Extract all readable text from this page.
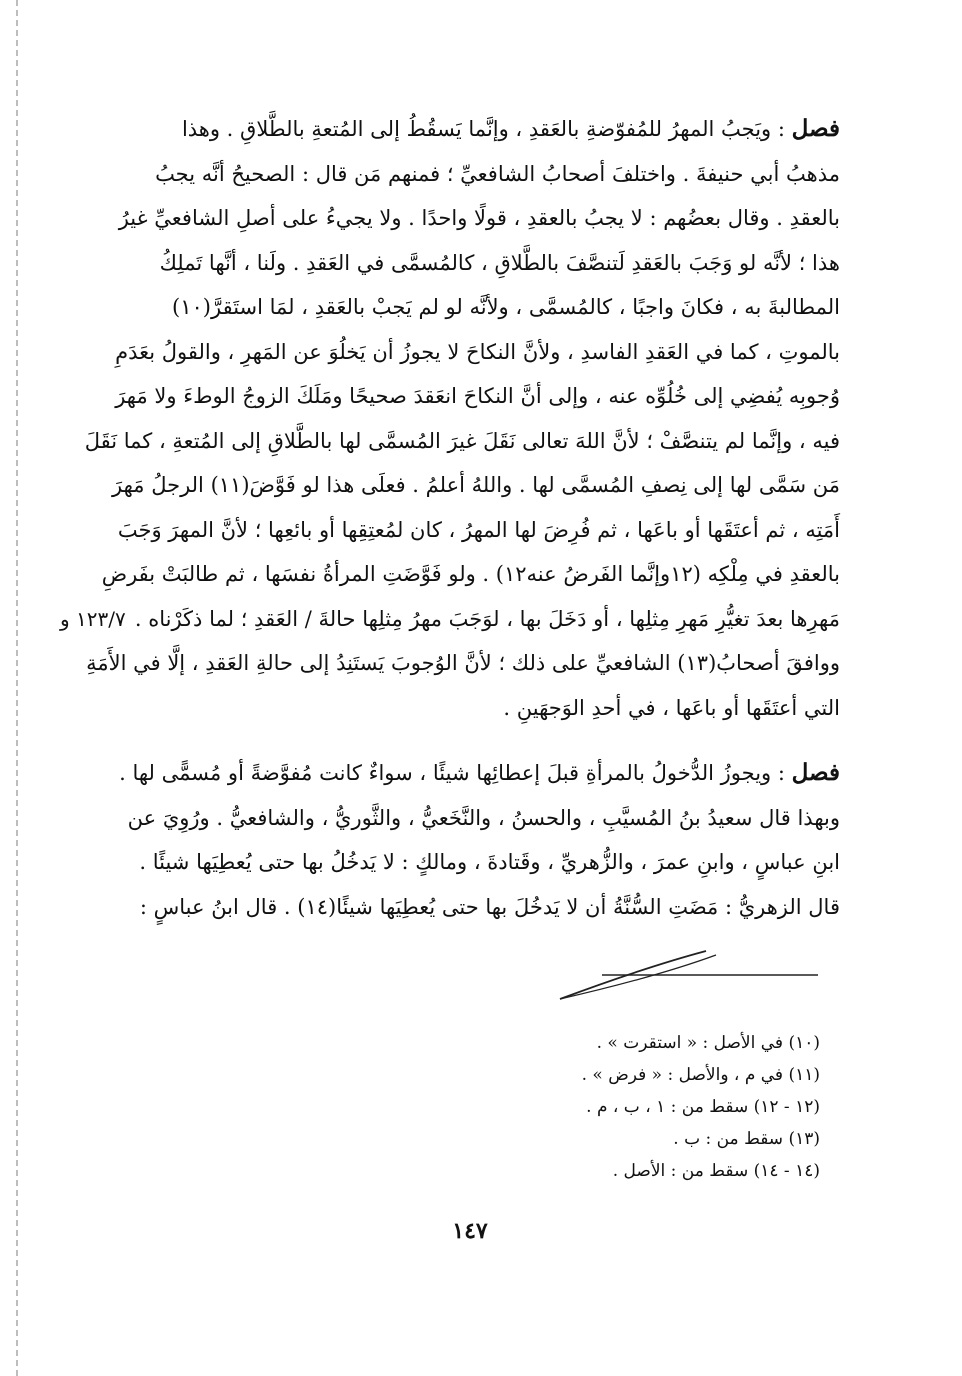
فصل : ويَجبُ المهرُ للمُفوّضةِ بالعَقدِ ، وإنَّما يَسقُطُ إلى المُتعةِ بالطَّلاقِ . وهذا
مذهبُ أبي حنيفةَ . واختلفَ أصحابُ الشافعيِّ ؛ فمنهم مَن قال : الصحيحُ أنَّه يجبُ
بالعقدِ . وقال بعضُهم : لا يجبُ بالعقدِ ، قولًا واحدًا . ولا يجيءُ على أصلِ الشافعيِّ غيرُ
هذا ؛ لأنَّه لو وَجَبَ بالعَقدِ لَتنصَّفَ بالطَّلاقِ ، كالمُسمَّى في العَقدِ . ولَنا ، أنَّها تَملِكُ
المطالبةَ به ، فكانَ واجبًا ، كالمُسمَّى ، ولأنَّه لو لم يَجبْ بالعَقدِ ، لمَا استَقرَّ(١٠)
بالموتِ ، كما في العَقدِ الفاسدِ ، ولأنَّ النكاحَ لا يجوزُ أن يَخلُوَ عن المَهرِ ، والقولُ بعَدَمِ
وُجوبِه يُفضِي إلى خُلُوِّه عنه ، وإلى أنَّ النكاحَ انعَقدَ صحيحًا ومَلَكَ الزوجُ الوطءَ ولا مَهرَ
فيه ، وإنَّما لم يتنصَّفْ ؛ لأنَّ اللهَ تعالى نَقَلَ غيرَ المُسمَّى لها بالطَّلاقِ إلى المُتعةِ ، كما نَقَلَ
مَن سَمَّى لها إلى نِصفِ المُسمَّى لها . واللهُ أعلمُ . فعلَى هذا لو فَوَّضَ(١١) الرجلُ مَهرَ
أَمَتِه ، ثم أعتَقَها أو باعَها ، ثم فُرِضَ لها المهرُ ، كان لمُعتِقِها أو بائعِها ؛ لأنَّ المهرَ وَجَبَ
بالعقدِ في مِلْكِه (١٢وإنَّما الفَرضُ عنه١٢) . ولو فَوَّضَتِ المرأةُ نفسَها ، ثم طالبَتْ بفَرضِ
مَهرِها بعدَ تغيُّرِ مَهرِ مِثلِها ، أو دَخَلَ بها ، لوَجَبَ مهرُ مِثلِها حالةَ / العَقدِ ؛ لما ذكَرْناه .
ووافقَ أصحابُ(١٣) الشافعيِّ على ذلك ؛ لأنَّ الوُجوبَ يَستَنِدُ إلى حالةِ العَقدِ ، إلَّا في الأَمَةِ
التي أعتَقَها أو باعَها ، في أحدِ الوَجهَينِ .
١٢٣/٧ و
فصل : ويجوزُ الدُّخولُ بالمرأةِ قبلَ إعطائِها شيئًا ، سواءٌ كانت مُفوَّضةً أو مُسمًّى لها .
وبهذا قال سعيدُ بنُ المُسيَّبِ ، والحسنُ ، والنَّخَعيُّ ، والثَّوريُّ ، والشافعيُّ . ورُوِيَ عن
ابنِ عباسٍ ، وابنِ عمرَ ، والزُّهريِّ ، وقَتادةَ ، ومالكٍ : لا يَدخُلُ بها حتى يُعطِيَها شيئًا .
قال الزهريُّ : مَضَتِ السُّنَّةُ أن لا يَدخُلَ بها حتى يُعطِيَها شيئًا(١٤) . قال ابنُ عباسٍ :
(١٠) في الأصل : « استقرت » .
(١١) في م ، والأصل : « فرض » .
(١٢ - ١٢) سقط من : ١ ، ب ، م .
(١٣) سقط من : ب .
(١٤ - ١٤) سقط من : الأصل .
١٤٧
